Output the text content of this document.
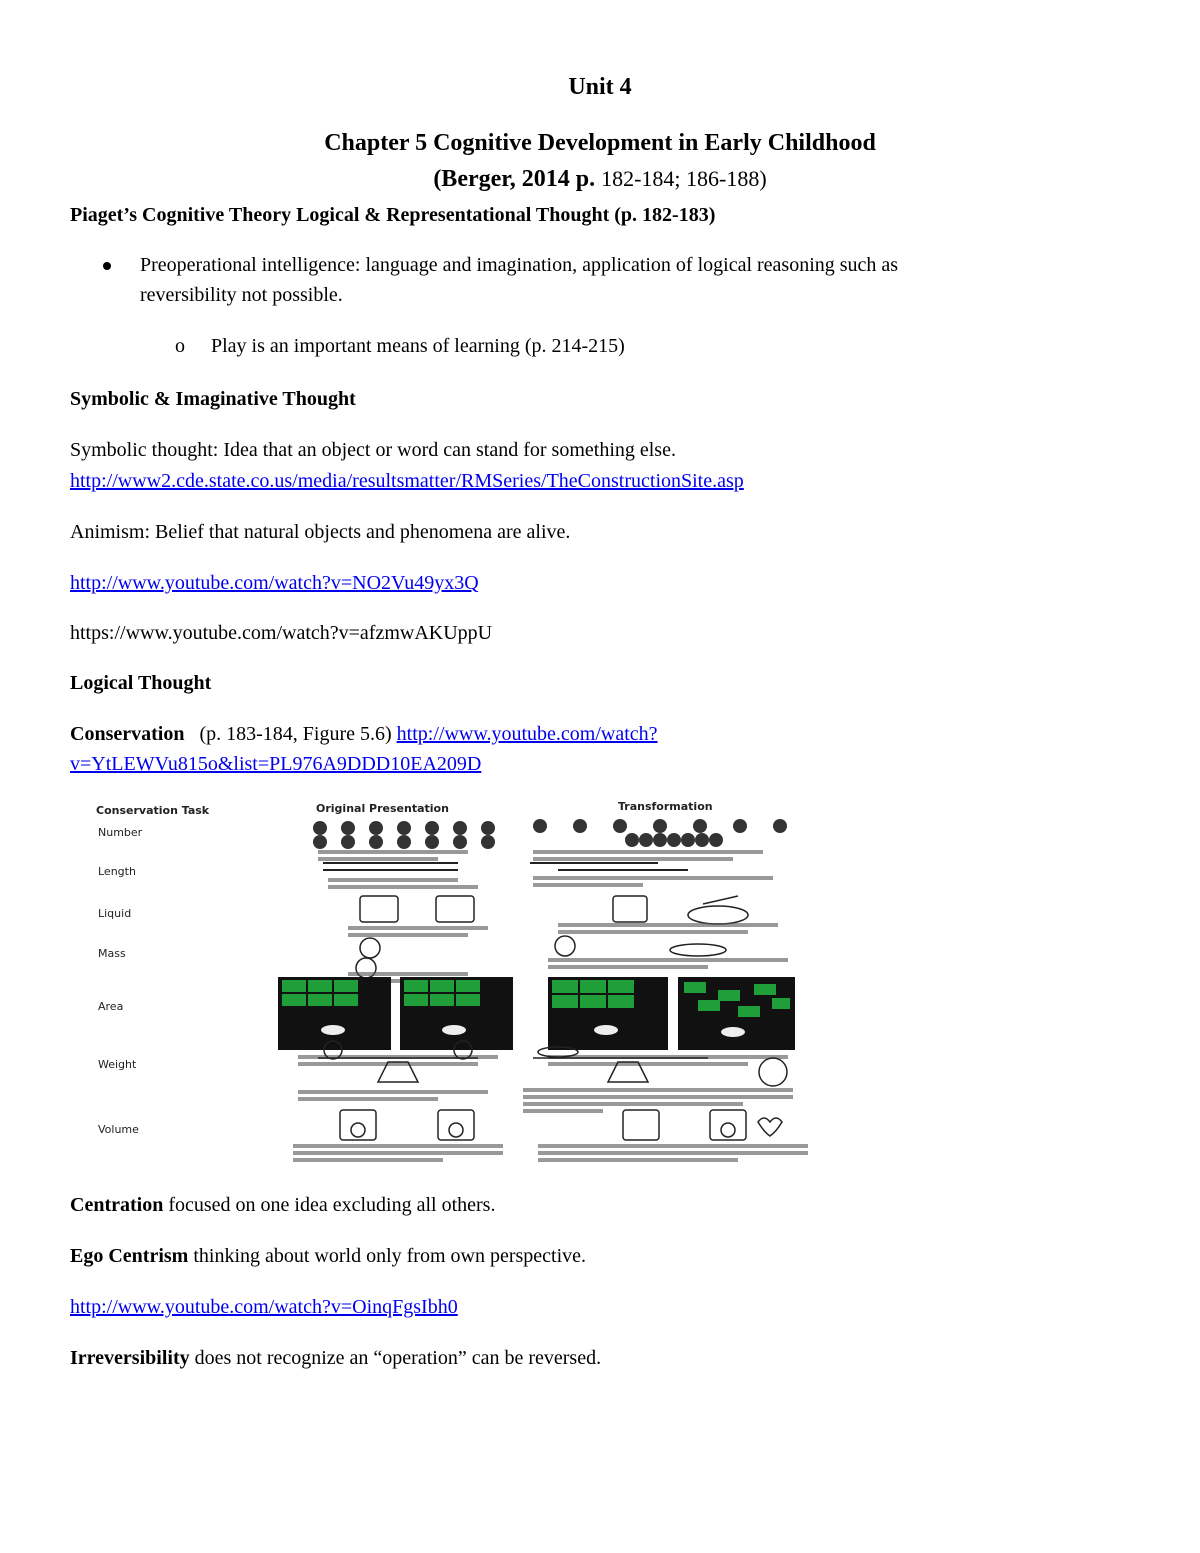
Unit 4
Chapter 5 Cognitive Development in Early Childhood
(Berger, 2014 p. 182-184; 186-188)
Piaget’s Cognitive Theory Logical & Representational Thought (p. 182-183)
Preoperational intelligence: language and imagination, application of logical reasoning such as
reversibility not possible.
o Play is an important means of learning (p. 214-215)
Symbolic & Imaginative Thought
Symbolic thought: Idea that an object or word can stand for something else.
http://www2.cde.state.co.us/media/resultsmatter/RMSeries/TheConstructionSite.asp
Animism: Belief that natural objects and phenomena are alive.
http://www.youtube.com/watch?v=NO2Vu49yx3Q
https://www.youtube.com/watch?v=afzmwAKUppU
Logical Thought
Conservation (p. 183-184, Figure 5.6) http://www.youtube.com/watch?
v=YtLEWVu815o&list=PL976A9DDD10EA209D
Conservation Task	Original Presentation	Transformation
Number
Length
Liquid
Mass
Area
Weight
Volume
Centration focused on one idea excluding all others.
Ego Centrism thinking about world only from own perspective.
http://www.youtube.com/watch?v=OinqFgsIbh0
Irreversibility does not recognize an “operation” can be reversed.
